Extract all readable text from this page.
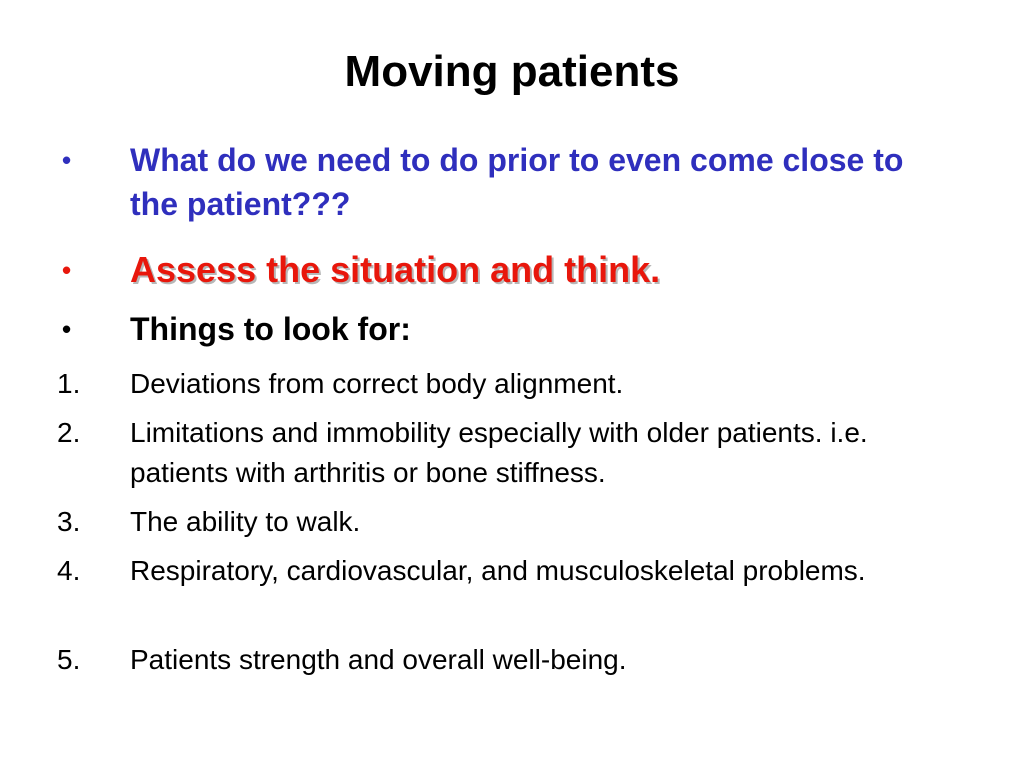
Moving patients
• What do we need to do prior to even come close to the patient???
• Assess the situation and think.
• Things to look for:
1. Deviations from correct body alignment.
2. Limitations and immobility especially with older patients. i.e. patients with arthritis or bone stiffness.
3. The ability to walk.
4. Respiratory, cardiovascular, and musculoskeletal problems.
5. Patients strength and overall well-being.
